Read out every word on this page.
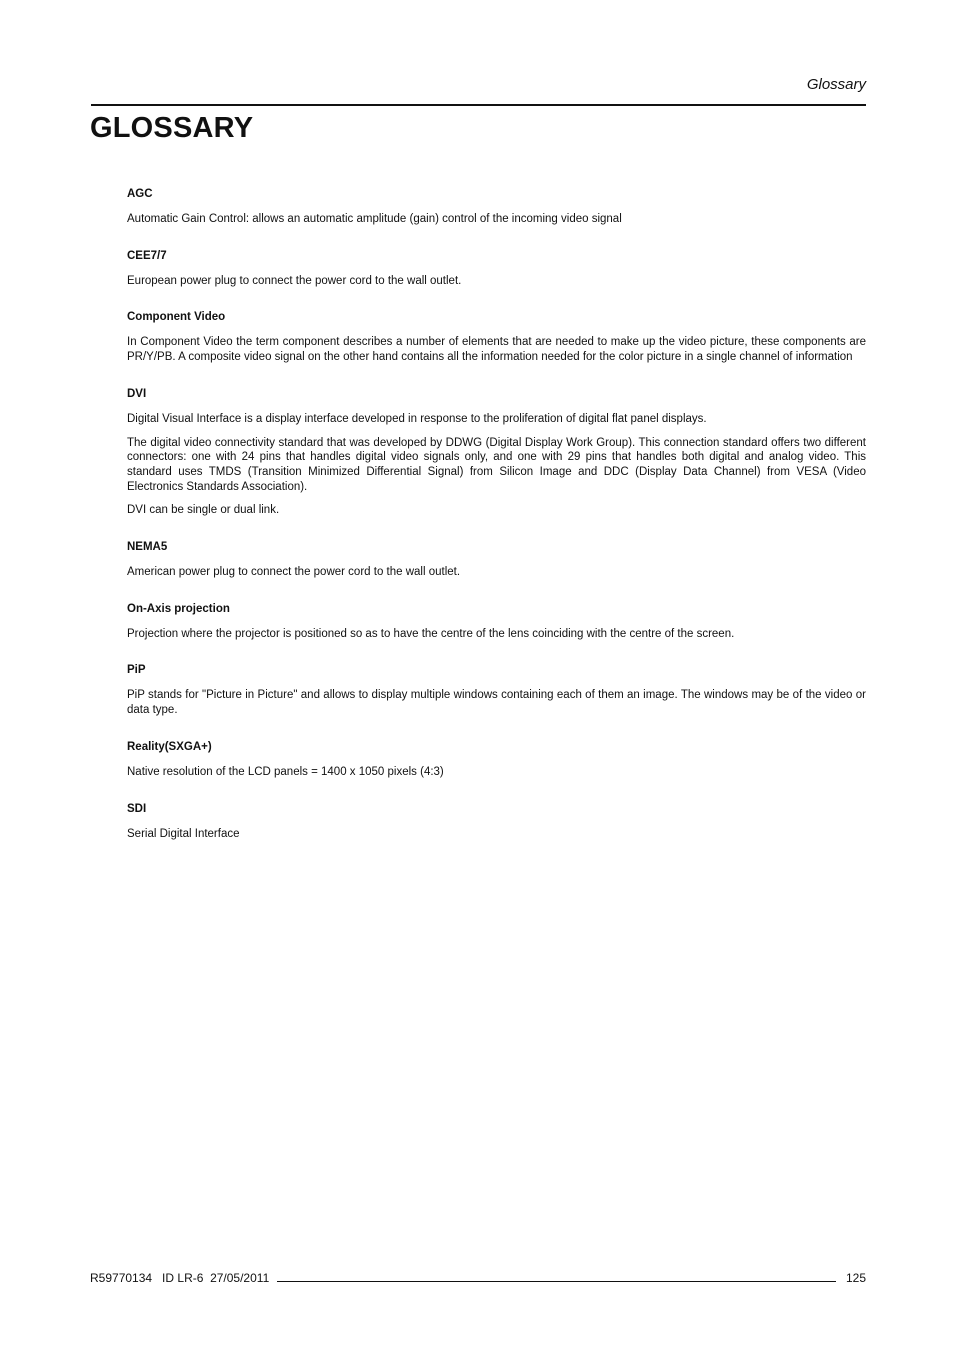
Glossary
GLOSSARY
AGC

Automatic Gain Control: allows an automatic amplitude (gain) control of the incoming video signal

CEE7/7

European power plug to connect the power cord to the wall outlet.

Component Video

In Component Video the term component describes a number of elements that are needed to make up the video picture, these components are PR/Y/PB. A composite video signal on the other hand contains all the information needed for the color picture in a single channel of information

DVI

Digital Visual Interface is a display interface developed in response to the proliferation of digital flat panel displays.

The digital video connectivity standard that was developed by DDWG (Digital Display Work Group). This connection standard offers two different connectors: one with 24 pins that handles digital video signals only, and one with 29 pins that handles both digital and analog video. This standard uses TMDS (Transition Minimized Differential Signal) from Silicon Image and DDC (Display Data Channel) from VESA (Video Electronics Standards Association).

DVI can be single or dual link.

NEMA5

American power plug to connect the power cord to the wall outlet.

On-Axis projection

Projection where the projector is positioned so as to have the centre of the lens coinciding with the centre of the screen.

PiP

PiP stands for "Picture in Picture" and allows to display multiple windows containing each of them an image. The windows may be of the video or data type.

Reality(SXGA+)

Native resolution of the LCD panels = 1400 x 1050 pixels (4:3)

SDI

Serial Digital Interface

R59770134   ID LR-6  27/05/2011	125
